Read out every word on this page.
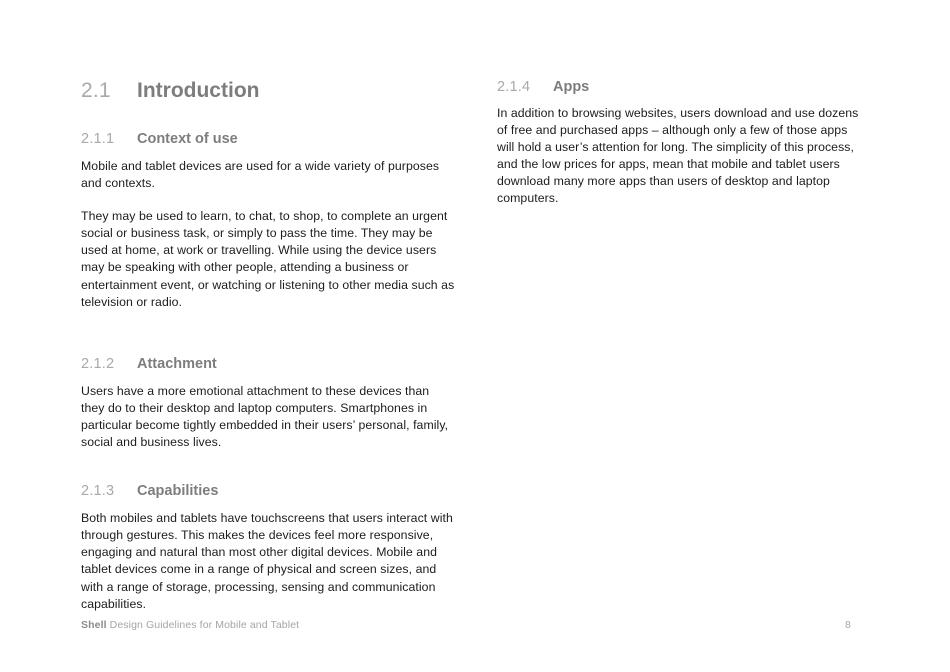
2.1	Introduction
2.1.1	Context of use

Mobile and tablet devices are used for a wide variety of purposes and contexts.

They may be used to learn, to chat, to shop, to complete an urgent social or business task, or simply to pass the time. They may be used at home, at work or travelling. While using the device users may be speaking with other people, attending a business or entertainment event, or watching or listening to other media such as television or radio.

2.1.2	Attachment

Users have a more emotional attachment to these devices than they do to their desktop and laptop computers. Smartphones in particular become tightly embedded in their users’ personal, family, social and business lives.

2.1.3	Capabilities

Both mobiles and tablets have touchscreens that users interact with through gestures. This makes the devices feel more responsive, engaging and natural than most other digital devices. Mobile and tablet devices come in a range of physical and screen sizes, and with a range of storage, processing, sensing and communication capabilities.

2.1.4	Apps

In addition to browsing websites, users download and use dozens of free and purchased apps – although only a few of those apps will hold a user’s attention for long. The simplicity of this process, and the low prices for apps, mean that mobile and tablet users download many more apps than users of desktop and laptop computers.

Shell Design Guidelines for Mobile and Tablet	8
